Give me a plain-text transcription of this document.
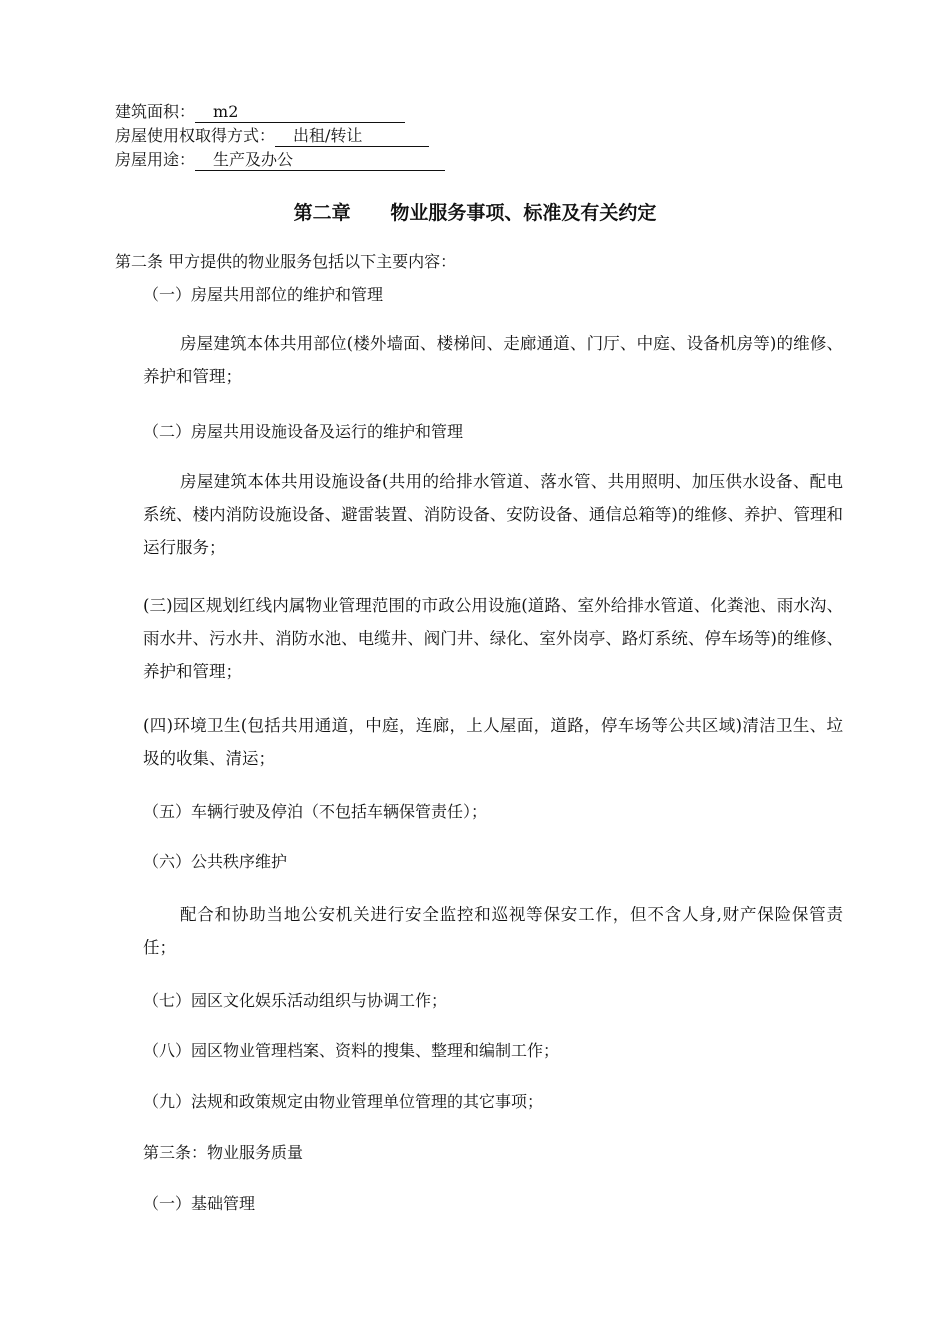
建筑面积： m2
房屋使用权取得方式： 出租/转让
房屋用途： 生产及办公
第二章      物业服务事项、标准及有关约定
第二条 甲方提供的物业服务包括以下主要内容：
（一）房屋共用部位的维护和管理
房屋建筑本体共用部位(楼外墙面、楼梯间、走廊通道、门厅、中庭、设备机房等)的维修、养护和管理；
（二）房屋共用设施设备及运行的维护和管理
房屋建筑本体共用设施设备(共用的给排水管道、落水管、共用照明、加压供水设备、配电系统、楼内消防设施设备、避雷装置、消防设备、安防设备、通信总箱等)的维修、养护、管理和运行服务；
(三)园区规划红线内属物业管理范围的市政公用设施(道路、室外给排水管道、化粪池、雨水沟、雨水井、污水井、消防水池、电缆井、阀门井、绿化、室外岗亭、路灯系统、停车场等)的维修、养护和管理；
(四)环境卫生(包括共用通道，中庭，连廊，上人屋面，道路，停车场等公共区域)清洁卫生、垃圾的收集、清运；
（五）车辆行驶及停泊（不包括车辆保管责任）；
（六）公共秩序维护
配合和协助当地公安机关进行安全监控和巡视等保安工作，但不含人身,财产保险保管责任；
（七）园区文化娱乐活动组织与协调工作；
（八）园区物业管理档案、资料的搜集、整理和编制工作；
（九）法规和政策规定由物业管理单位管理的其它事项；
第三条：物业服务质量
（一）基础管理
